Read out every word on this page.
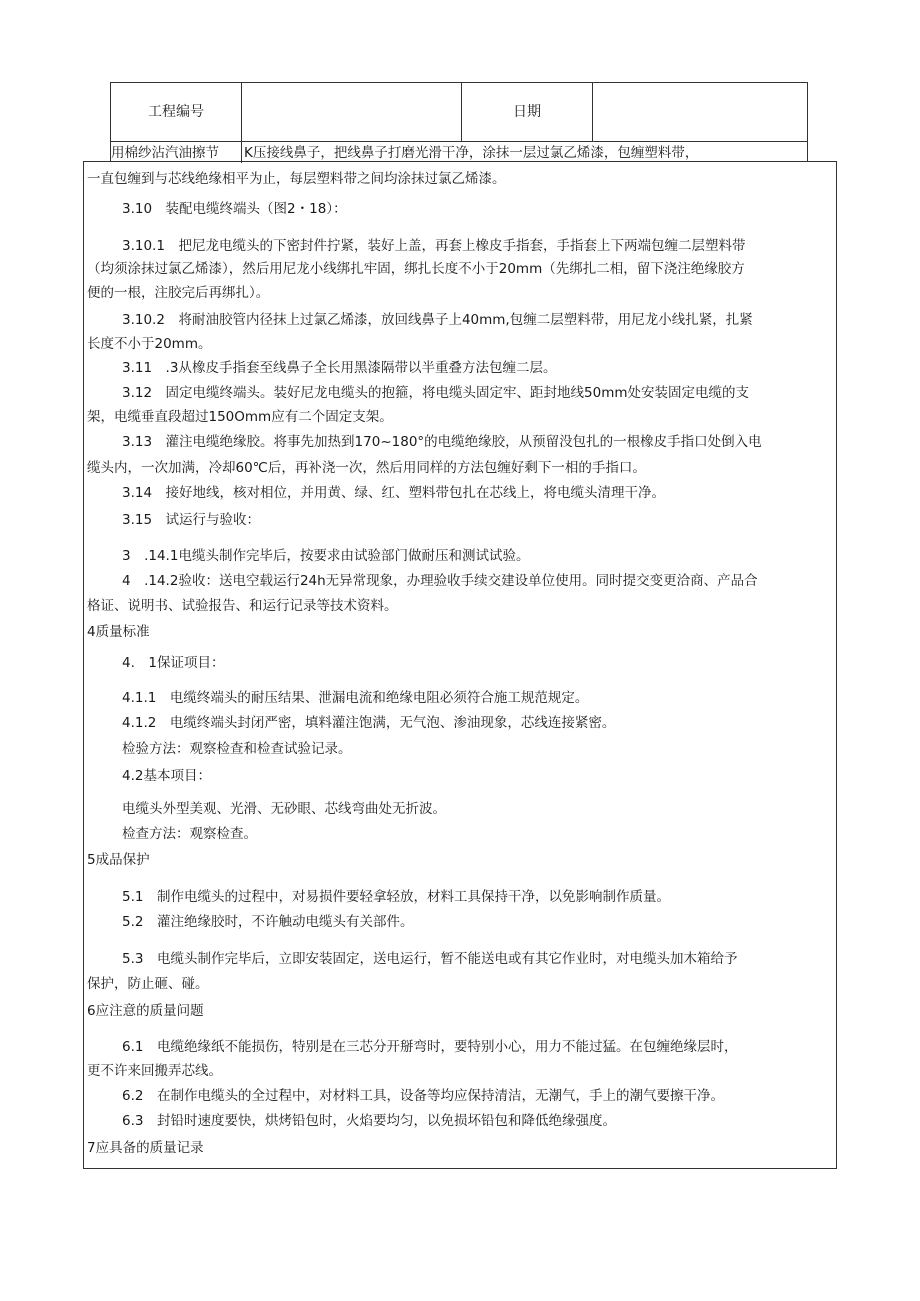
工程编号	日期
用棉纱沾汽油擦节	K压接线鼻子，把线鼻子打磨光滑干净，涂抹一层过氯乙烯漆，包缠塑料带，
一直包缠到与芯线绝缘相平为止，每层塑料带之间均涂抹过氯乙烯漆。
3.10　装配电缆终端头（图2・18）：
3.10.1　把尼龙电缆头的下密封件拧紧，装好上盖，再套上橡皮手指套，手指套上下两端包缠二层塑料带
（均须涂抹过氯乙烯漆），然后用尼龙小线绑扎牢固，绑扎长度不小于20mm（先绑扎二相，留下浇注绝缘胶方
便的一根，注胶完后再绑扎）。
3.10.2　将耐油胶管内径抹上过氯乙烯漆，放回线鼻子上40mm,包缠二层塑料带，用尼龙小线扎紧，扎紧
长度不小于20mm。
3.11　.3从橡皮手指套至线鼻子全长用黑漆隔带以半重叠方法包缠二层。
3.12　固定电缆终端头。装好尼龙电缆头的抱箍，将电缆头固定牢、距封地线50mm处安装固定电缆的支
架，电缆垂直段超过150Omm应有二个固定支架。
3.13　灌注电缆绝缘胶。将事先加热到170~180°的电缆绝缘胶，从预留没包扎的一根橡皮手指口处倒入电
缆头内，一次加满，冷却60℃后，再补浇一次，然后用同样的方法包缠好剩下一相的手指口。
3.14　接好地线，核对相位，并用黄、绿、红、塑料带包扎在芯线上，将电缆头清理干净。
3.15　试运行与验收：
3　.14.1电缆头制作完毕后，按要求由试验部门做耐压和测试试验。
4　.14.2验收：送电空载运行24h无异常现象，办理验收手续交建设单位使用。同时提交变更洽商、产品合
格证、说明书、试验报告、和运行记录等技术资料。
4质量标准
4.　1保证项目：
4.1.1　电缆终端头的耐压结果、泄漏电流和绝缘电阻必须符合施工规范规定。
4.1.2　电缆终端头封闭严密，填料灌注饱满，无气泡、渗油现象，芯线连接紧密。
检验方法：观察检查和检查试验记录。
4.2基本项目：
电缆头外型美观、光滑、无砂眼、芯线弯曲处无折波。
检查方法：观察检查。
5成品保护
5.1　制作电缆头的过程中，对易损件要轻拿轻放，材料工具保持干净，以免影响制作质量。
5.2　灌注绝缘胶时，不许触动电缆头有关部件。
5.3　电缆头制作完毕后，立即安装固定，送电运行，暂不能送电或有其它作业时，对电缆头加木箱给予
保护，防止砸、碰。
6应注意的质量问题
6.1　电缆绝缘纸不能损伤，特别是在三芯分开掰弯时，要特别小心，用力不能过猛。在包缠绝缘层时，
更不许来回搬弄芯线。
6.2　在制作电缆头的全过程中，对材料工具，设备等均应保持清洁，无潮气，手上的潮气要擦干净。
6.3　封铅时速度要快，烘烤铅包时，火焰要均匀，以免损坏铅包和降低绝缘强度。
7应具备的质量记录
